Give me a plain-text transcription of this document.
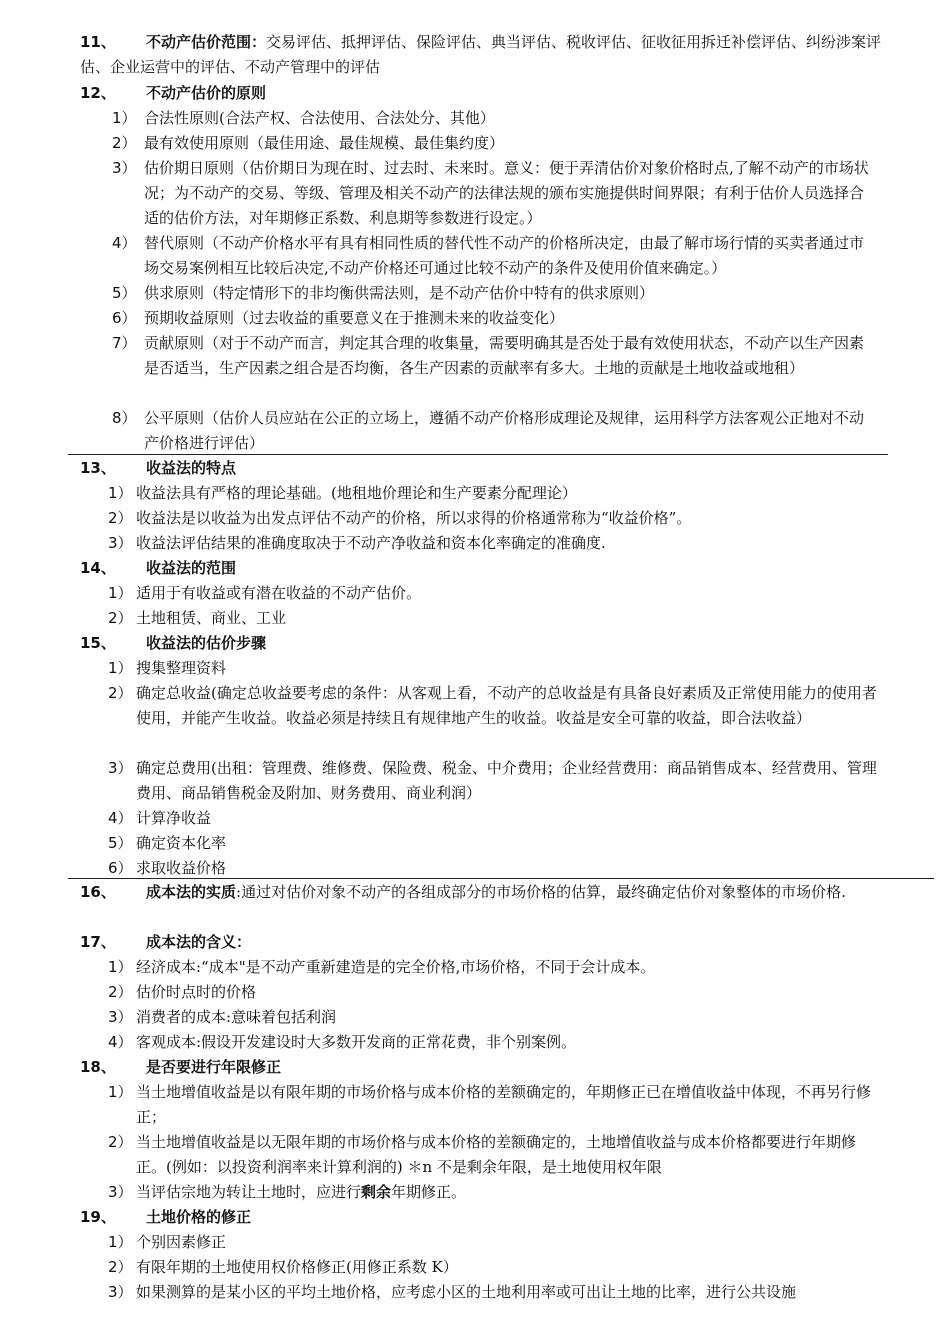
11、 不动产估价范围：交易评估、抵押评估、保险评估、典当评估、税收评估、征收征用拆迁补偿评估、纠纷涉案评估、企业运营中的评估、不动产管理中的评估
12、 不动产估价的原则
1） 合法性原则(合法产权、合法使用、合法处分、其他）
2） 最有效使用原则（最佳用途、最佳规模、最佳集约度）
3） 估价期日原则（估价期日为现在时、过去时、未来时。意义：便于弄清估价对象价格时点,了解不动产的市场状况；为不动产的交易、等级、管理及相关不动产的法律法规的颁布实施提供时间界限；有利于估价人员选择合适的估价方法，对年期修正系数、利息期等参数进行设定。）
4） 替代原则（不动产价格水平有具有相同性质的替代性不动产的价格所决定，由最了解市场行情的买卖者通过市场交易案例相互比较后决定,不动产价格还可通过比较不动产的条件及使用价值来确定。）
5） 供求原则（特定情形下的非均衡供需法则，是不动产估价中特有的供求原则）
6） 预期收益原则（过去收益的重要意义在于推测未来的收益变化）
7） 贡献原则（对于不动产而言，判定其合理的收集量，需要明确其是否处于最有效使用状态，不动产以生产因素是否适当，生产因素之组合是否均衡，各生产因素的贡献率有多大。土地的贡献是土地收益或地租）
8） 公平原则（估价人员应站在公正的立场上，遵循不动产价格形成理论及规律，运用科学方法客观公正地对不动产价格进行评估）
13、 收益法的特点
1） 收益法具有严格的理论基础。(地租地价理论和生产要素分配理论）
2） 收益法是以收益为出发点评估不动产的价格，所以求得的价格通常称为“收益价格”。
3） 收益法评估结果的准确度取决于不动产净收益和资本化率确定的准确度.
14、 收益法的范围
1） 适用于有收益或有潜在收益的不动产估价。
2） 土地租赁、商业、工业
15、 收益法的估价步骤
1） 搜集整理资料
2） 确定总收益(确定总收益要考虑的条件：从客观上看，不动产的总收益是有具备良好素质及正常使用能力的使用者使用，并能产生收益。收益必须是持续且有规律地产生的收益。收益是安全可靠的收益，即合法收益）
3） 确定总费用(出租：管理费、维修费、保险费、税金、中介费用；企业经营费用：商品销售成本、经营费用、管理费用、商品销售税金及附加、财务费用、商业利润）
4） 计算净收益
5） 确定资本化率
6） 求取收益价格
16、 成本法的实质:通过对估价对象不动产的各组成部分的市场价格的估算，最终确定估价对象整体的市场价格.
17、 成本法的含义：
1） 经济成本:“成本"是不动产重新建造是的完全价格,市场价格，不同于会计成本。
2） 估价时点时的价格
3） 消费者的成本:意味着包括利润
4） 客观成本:假设开发建设时大多数开发商的正常花费，非个别案例。
18、 是否要进行年限修正
1） 当土地增值收益是以有限年期的市场价格与成本价格的差额确定的，年期修正已在增值收益中体现，不再另行修正；
2） 当土地增值收益是以无限年期的市场价格与成本价格的差额确定的，土地增值收益与成本价格都要进行年期修正。(例如：以投资利润率来计算利润的) ＊n 不是剩余年限，是土地使用权年限
3） 当评估宗地为转让土地时，应进行剩余年期修正。
19、 土地价格的修正
1） 个别因素修正
2） 有限年期的土地使用权价格修正(用修正系数 K）
3） 如果测算的是某小区的平均土地价格，应考虑小区的土地利用率或可出让土地的比率，进行公共设施
